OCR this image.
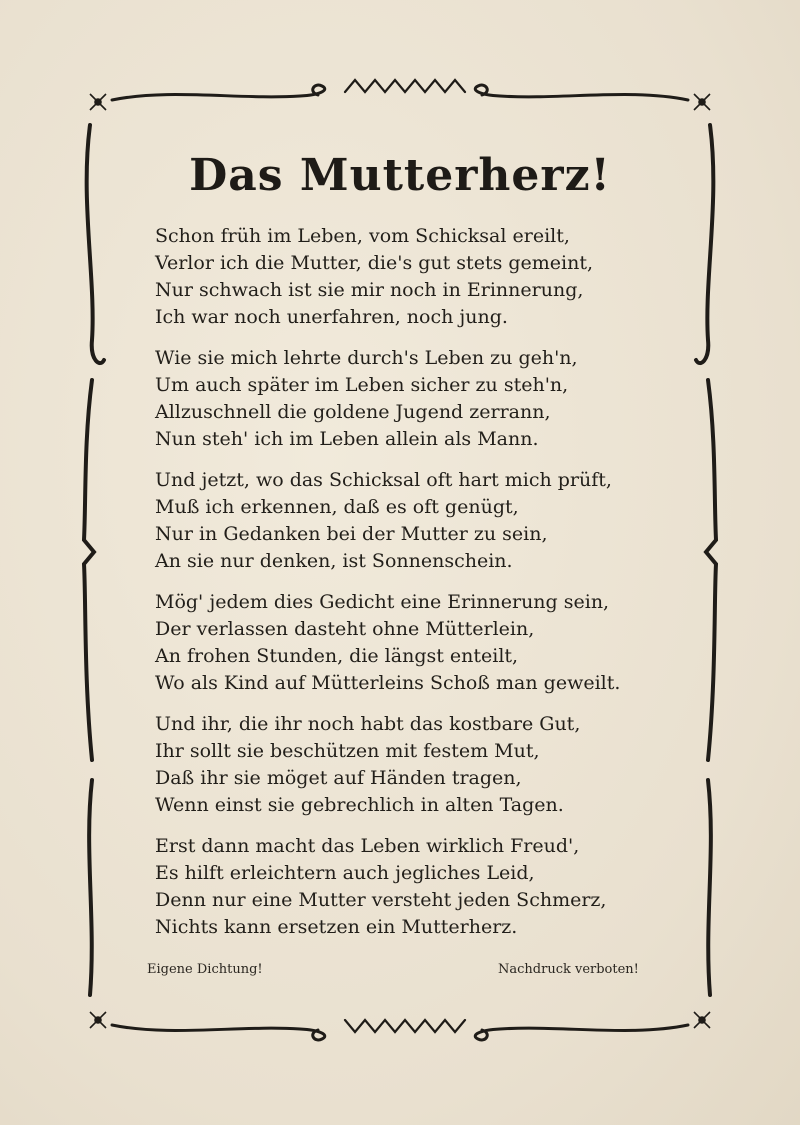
Das Mutterherz!
Schon früh im Leben, vom Schicksal ereilt,
Verlor ich die Mutter, die's gut stets gemeint,
Nur schwach ist sie mir noch in Erinnerung,
Ich war noch unerfahren, noch jung.
Wie sie mich lehrte durch's Leben zu geh'n,
Um auch später im Leben sicher zu steh'n,
Allzuschnell die goldene Jugend zerrann,
Nun steh' ich im Leben allein als Mann.
Und jetzt, wo das Schicksal oft hart mich prüft,
Muß ich erkennen, daß es oft genügt,
Nur in Gedanken bei der Mutter zu sein,
An sie nur denken, ist Sonnenschein.
Mög' jedem dies Gedicht eine Erinnerung sein,
Der verlassen dasteht ohne Mütterlein,
An frohen Stunden, die längst enteilt,
Wo als Kind auf Mütterleins Schoß man geweilt.
Und ihr, die ihr noch habt das kostbare Gut,
Ihr sollt sie beschützen mit festem Mut,
Daß ihr sie möget auf Händen tragen,
Wenn einst sie gebrechlich in alten Tagen.
Erst dann macht das Leben wirklich Freud',
Es hilft erleichtern auch jegliches Leid,
Denn nur eine Mutter versteht jeden Schmerz,
Nichts kann ersetzen ein Mutterherz.
Eigene Dichtung!	Nachdruck verboten!
